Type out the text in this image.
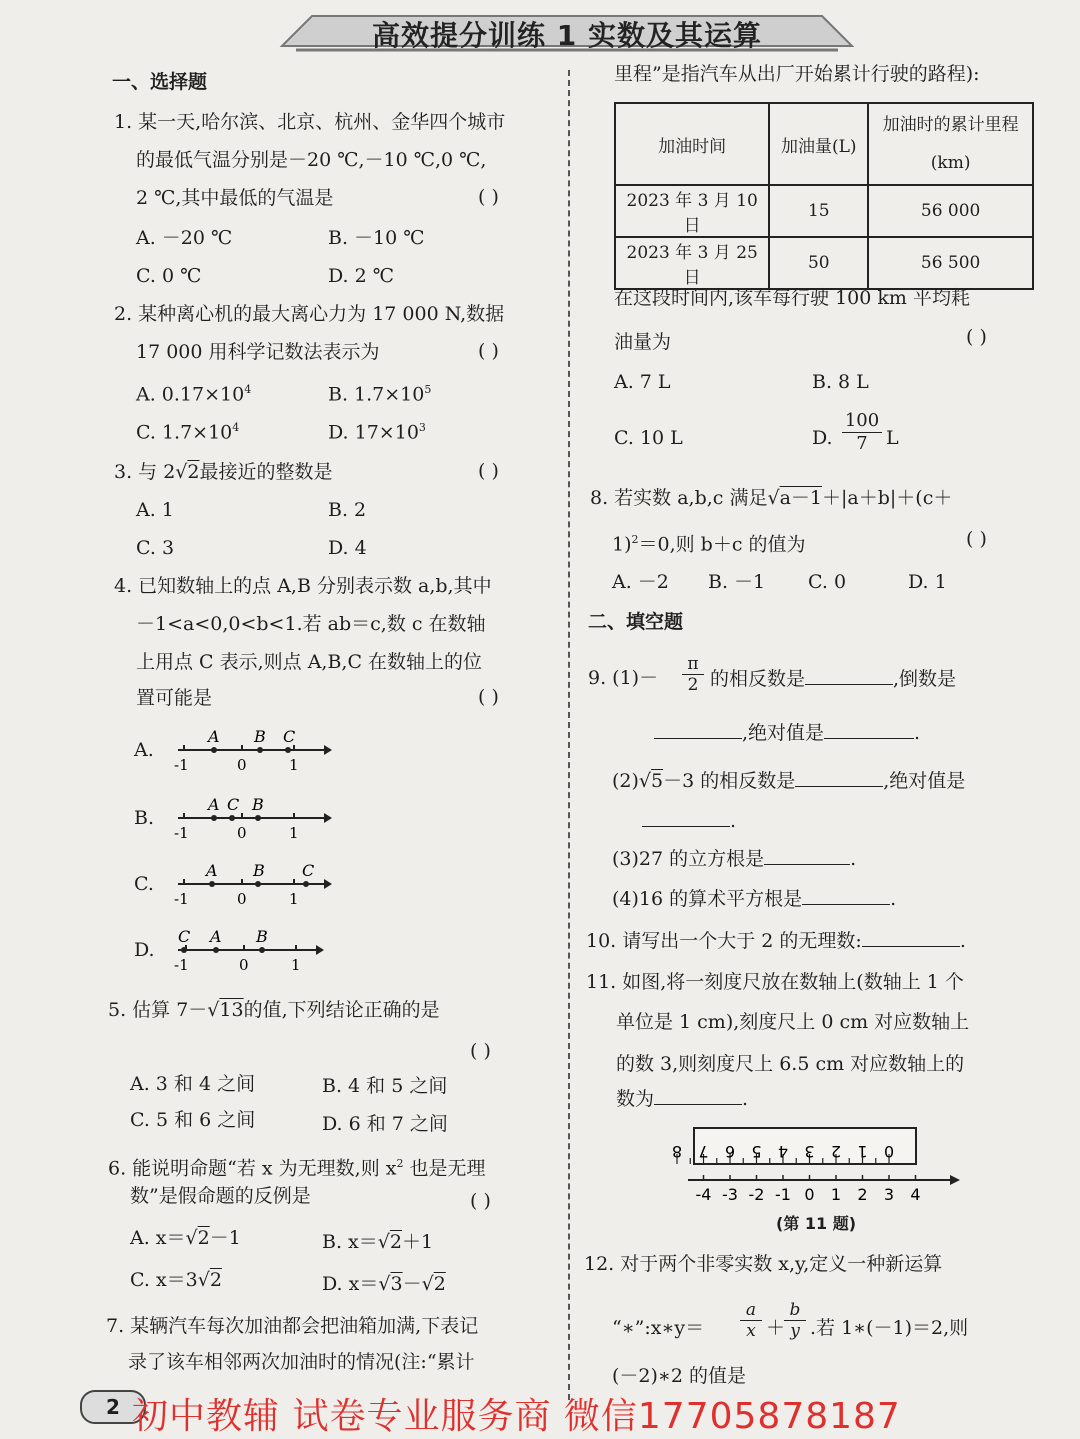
高效提分训练 1 实数及其运算
一、选择题
1. 某一天,哈尔滨、北京、杭州、金华四个城市
的最低气温分别是－20 ℃,－10 ℃,0 ℃,
2 ℃,其中最低的气温是	( )
A. －20 ℃	B. －10 ℃
C. 0 ℃	D. 2 ℃
2. 某种离心机的最大离心力为 17 000 N,数据
17 000 用科学记数法表示为	( )
A. $0.17\times 10^4$	B. $1.7\times 10^5$
C. $1.7\times 10^4$	D. $17\times 10^3$
3. 与 2√2最接近的整数是	( )
A. 1	B. 2
C. 3	D. 4
4. 已知数轴上的点 A,B 分别表示数 a,b,其中
－1<a<0,0<b<1.若 ab＝c,数 c 在数轴
上用点 C 表示,则点 A,B,C 在数轴上的位
置可能是	( )
A.
A B C
-1	0	1
B.
A C B
-1	0	1
C.
A B C
-1	0	1
D.
C A B
-1	0	1
5. 估算 7－√13的值,下列结论正确的是
( )
A. 3 和 4 之间	B. 4 和 5 之间
C. 5 和 6 之间	D. 6 和 7 之间
6. 能说明命题“若 x 为无理数,则 $x^2$ 也是无理
数”是假命题的反例是	( )
A. x＝√2－1	B. x＝√2＋1
C. x＝3√2	D. x＝√3－√2
7. 某辆汽车每次加油都会把油箱加满,下表记
录了该车相邻两次加油时的情况(注:“累计
里程”是指汽车从出厂开始累计行驶的路程):
加油时间	加油量(L)	加油时的累计里程(km)
2023 年 3 月 10 日	15	56 000
2023 年 3 月 25 日	50	56 500
在这段时间内,该车每行驶 100 km 平均耗
油量为	( )
A. 7 L	B. 8 L
C. 10 L	D. $\frac{100}{7}$ L
8. 若实数 a,b,c 满足√a－1＋|a＋b|＋(c＋
1)$^2$＝0,则 b＋c 的值为	( )
A. －2 B. －1 C. 0	D. 1
二、填空题
9. $(1)- \frac{\pi}{2}$ 的相反数是	,倒数是
,绝对值是	.
(2)√5－3 的相反数是	,绝对值是
.
(3)27 的立方根是	.
(4)16 的算术平方根是	.
10. 请写出一个大于 2 的无理数:	.
11. 如图,将一刻度尺放在数轴上(数轴上 1 个
单位是 1 cm),刻度尺上 0 cm 对应数轴上
的数 3,则刻度尺上 6.5 cm 对应数轴上的
数为	.
0
1
2
3
4
5
6
7
8
-4 -3 -2 -1 0 1 2 3 4
(第 11 题)
12. 对于两个非零实数 x,y,定义一种新运算
“∗”:x∗y＝
a
x ＋
b
y .若 1∗(－1)＝2,则
(－2)∗2 的值是
2 初中教辅 试卷专业服务商 微信17705878187
